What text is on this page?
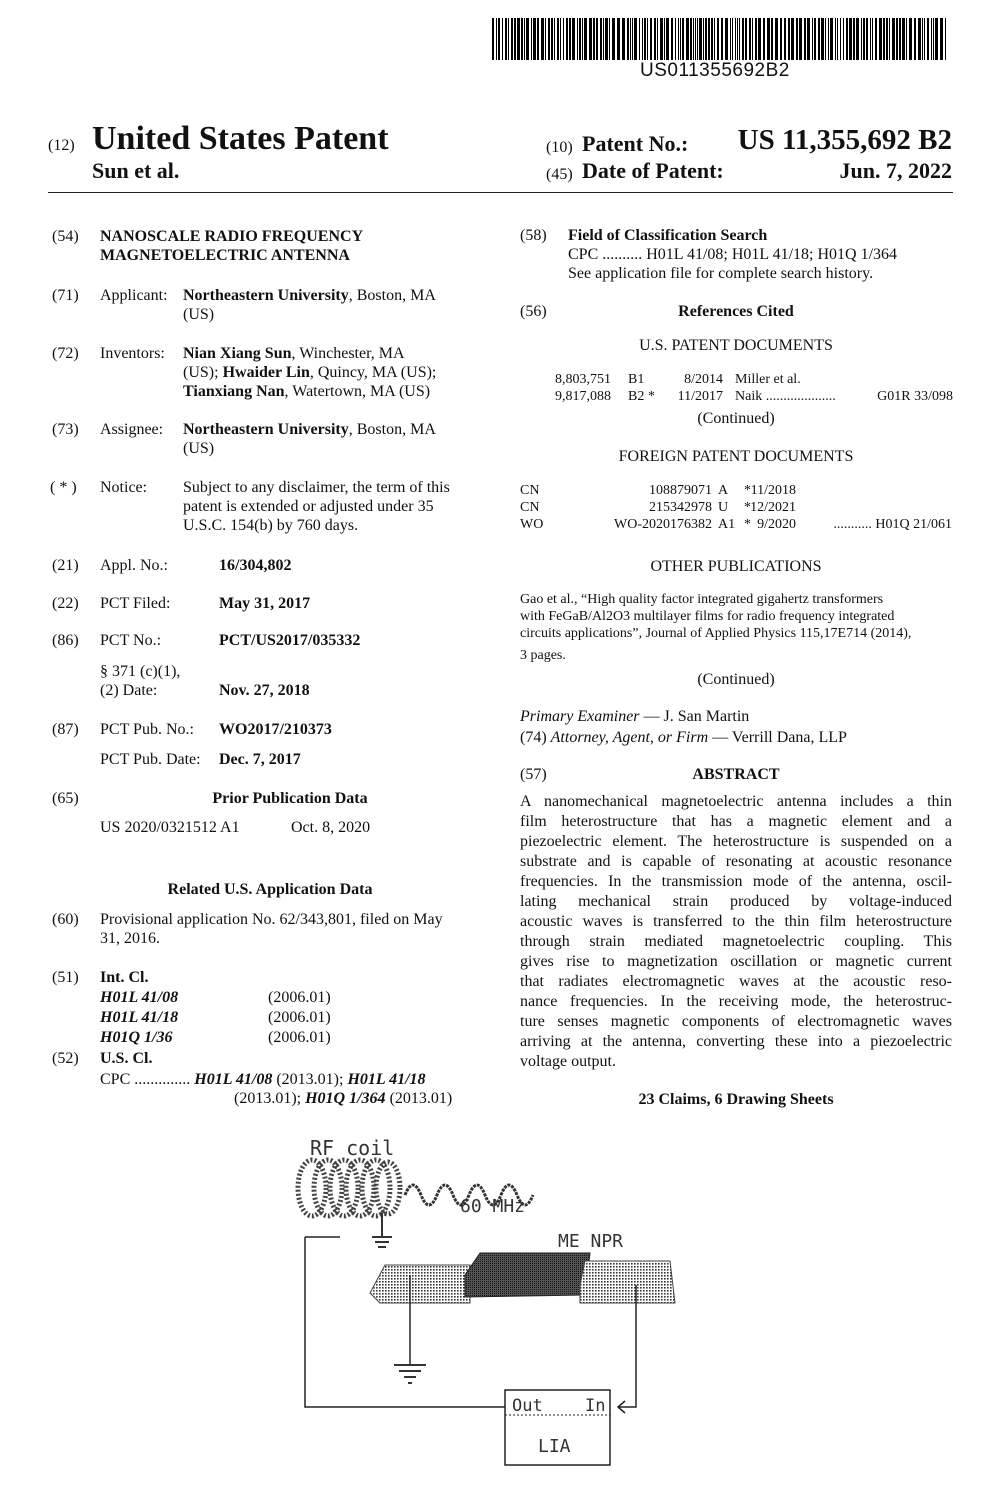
US011355692B2
(12) United States Patent
Sun et al.
(10) Patent No.:	US 11,355,692 B2
(45) Date of Patent:	Jun. 7, 2022
(54) NANOSCALE RADIO FREQUENCY
MAGNETOELECTRIC ANTENNA
(71) Applicant: Northeastern University, Boston, MA
(US)
(72) Inventors: Nian Xiang Sun, Winchester, MA
(US); Hwaider Lin, Quincy, MA (US);
Tianxiang Nan, Watertown, MA (US)
(73) Assignee: Northeastern University, Boston, MA
(US)
( * ) Notice: Subject to any disclaimer, the term of this
patent is extended or adjusted under 35
U.S.C. 154(b) by 760 days.
(21) Appl. No.:	16/304,802
(22) PCT Filed:	May 31, 2017
(86) PCT No.:	PCT/US2017/035332
§ 371 (c)(1),
(2) Date:	Nov. 27, 2018
(87) PCT Pub. No.: WO2017/210373
PCT Pub. Date: Dec. 7, 2017
(65)	Prior Publication Data
US 2020/0321512 A1	Oct. 8, 2020
Related U.S. Application Data
(60) Provisional application No. 62/343,801, filed on May
31, 2016.
(51) Int. Cl.
H01L 41/08	(2006.01)
H01L 41/18	(2006.01)
H01Q 1/36	(2006.01)
(52) U.S. Cl.
CPC .............. H01L 41/08 (2013.01); H01L 41/18
(2013.01); H01Q 1/364 (2013.01)
(58) Field of Classification Search
CPC .......... H01L 41/08; H01L 41/18; H01Q 1/364
See application file for complete search history.
(56)	References Cited
U.S. PATENT DOCUMENTS
8,803,751 B1	8/2014 Miller et al.
9,817,088 B2 *	11/2017 Naik ....................	G01R 33/098
(Continued)
FOREIGN PATENT DOCUMENTS
CN	108879071 A * 11/2018
CN	215342978 U * 12/2021
WO	WO-2020176382 A1 * 9/2020	........... H01Q 21/061
OTHER PUBLICATIONS
Gao et al., “High quality factor integrated gigahertz transformers
with FeGaB/Al2O3 multilayer films for radio frequency integrated
circuits applications”, Journal of Applied Physics 115,17E714 (2014),
3 pages.
(Continued)
Primary Examiner — J. San Martin
(74) Attorney, Agent, or Firm — Verrill Dana, LLP
(57)	ABSTRACT
A nanomechanical magnetoelectric antenna includes a thin
film heterostructure that has a magnetic element and a
piezoelectric element. The heterostructure is suspended on a
substrate and is capable of resonating at acoustic resonance
frequencies. In the transmission mode of the antenna, oscil-
lating mechanical strain produced by voltage-induced
acoustic waves is transferred to the thin film heterostructure
through strain mediated magnetoelectric coupling. This
gives rise to magnetization oscillation or magnetic current
that radiates electromagnetic waves at the acoustic reso-
nance frequencies. In the receiving mode, the heterostruc-
ture senses magnetic components of electromagnetic waves
arriving at the antenna, converting these into a piezoelectric
voltage output.
23 Claims, 6 Drawing Sheets
RF coil
60 MHz
ME NPR
Out In
LIA
